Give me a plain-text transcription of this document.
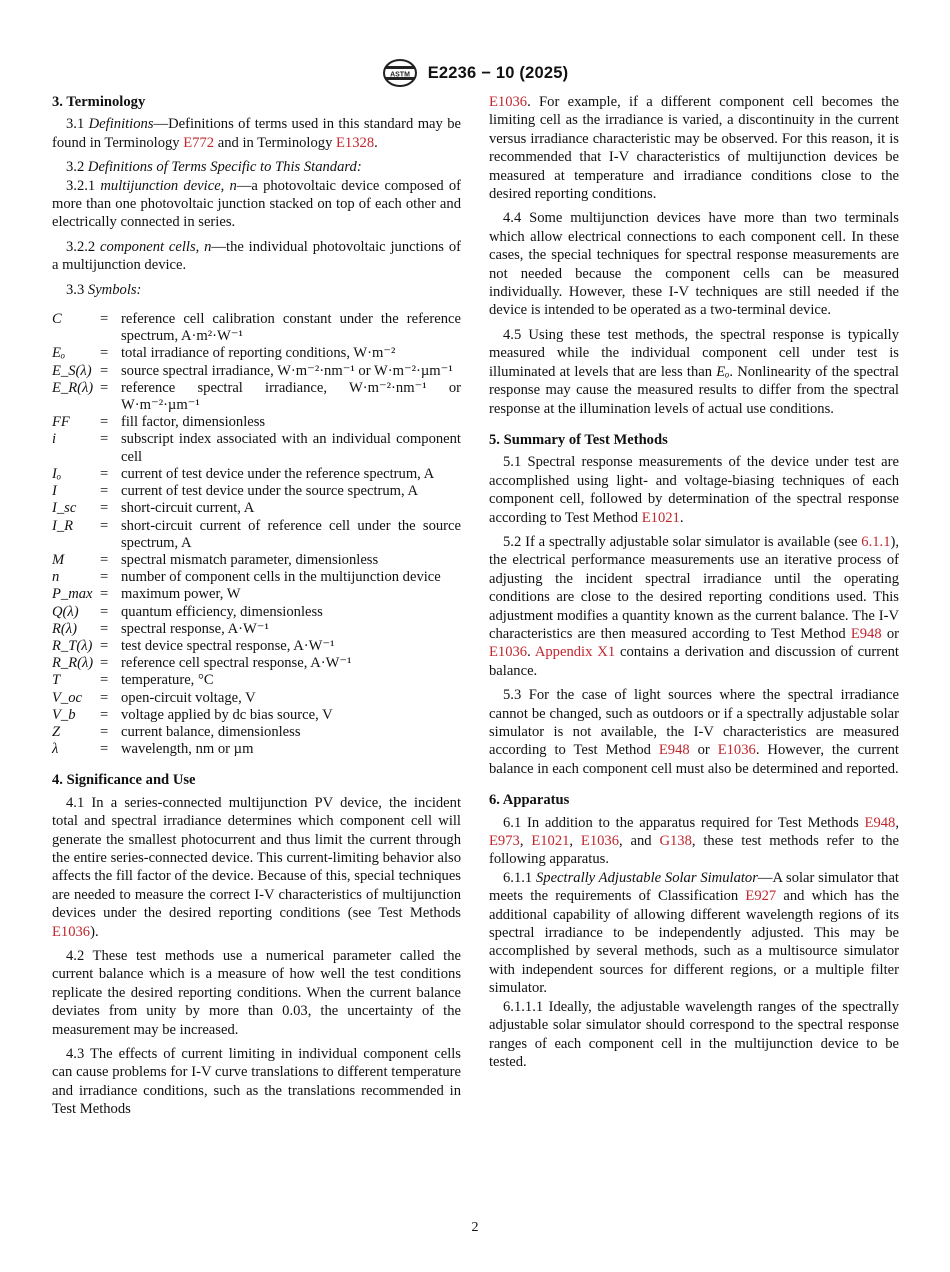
ASTM E2236 − 10 (2025)
3. Terminology

3.1 Definitions—Definitions of terms used in this standard may be found in Terminology E772 and in Terminology E1328.

3.2 Definitions of Terms Specific to This Standard:

3.2.1 multijunction device, n—a photovoltaic device composed of more than one photovoltaic junction stacked on top of each other and electrically connected in series.

3.2.2 component cells, n—the individual photovoltaic junctions of a multijunction device.

3.3 Symbols:

C	=	reference cell calibration constant under the reference spectrum, A·m²·W⁻¹
Eₒ	=	total irradiance of reporting conditions, W·m⁻²
E_S(λ)	=	source spectral irradiance, W·m⁻²·nm⁻¹ or W·m⁻²·µm⁻¹
E_R(λ)	=	reference spectral irradiance, W·m⁻²·nm⁻¹ or W·m⁻²·µm⁻¹
FF	=	fill factor, dimensionless
i	=	subscript index associated with an individual component cell
Iₒ	=	current of test device under the reference spectrum, A
I	=	current of test device under the source spectrum, A
I_sc	=	short-circuit current, A
I_R	=	short-circuit current of reference cell under the source spectrum, A
M	=	spectral mismatch parameter, dimensionless
n	=	number of component cells in the multijunction device
P_max	=	maximum power, W
Q(λ)	=	quantum efficiency, dimensionless
R(λ)	=	spectral response, A·W⁻¹
R_T(λ)	=	test device spectral response, A·W⁻¹
R_R(λ)	=	reference cell spectral response, A·W⁻¹
T	=	temperature, °C
V_oc	=	open-circuit voltage, V
V_b	=	voltage applied by dc bias source, V
Z	=	current balance, dimensionless
λ	=	wavelength, nm or µm
4. Significance and Use

4.1 In a series-connected multijunction PV device, the incident total and spectral irradiance determines which component cell will generate the smallest photocurrent and thus limit the current through the entire series-connected device. This current-limiting behavior also affects the fill factor of the device. Because of this, special techniques are needed to measure the correct I-V characteristics of multijunction devices under the desired reporting conditions (see Test Methods E1036).

4.2 These test methods use a numerical parameter called the current balance which is a measure of how well the test conditions replicate the desired reporting conditions. When the current balance deviates from unity by more than 0.03, the uncertainty of the measurement may be increased.

4.3 The effects of current limiting in individual component cells can cause problems for I-V curve translations to different temperature and irradiance conditions, such as the translations recommended in Test Methods

E1036. For example, if a different component cell becomes the limiting cell as the irradiance is varied, a discontinuity in the current versus irradiance characteristic may be observed. For this reason, it is recommended that I-V characteristics of multijunction devices be measured at temperature and irradiance conditions close to the desired reporting conditions.

4.4 Some multijunction devices have more than two terminals which allow electrical connections to each component cell. In these cases, the special techniques for spectral response measurements are not needed because the component cells can be measured individually. However, these I-V techniques are still needed if the device is intended to be operated as a two-terminal device.

4.5 Using these test methods, the spectral response is typically measured while the individual component cell under test is illuminated at levels that are less than Eₒ. Nonlinearity of the spectral response may cause the measured results to differ from the spectral response at the illumination levels of actual use conditions.

5. Summary of Test Methods

5.1 Spectral response measurements of the device under test are accomplished using light- and voltage-biasing techniques of each component cell, followed by determination of the spectral response according to Test Method E1021.

5.2 If a spectrally adjustable solar simulator is available (see 6.1.1), the electrical performance measurements use an iterative process of adjusting the incident spectral irradiance until the operating conditions are close to the desired reporting conditions used. This adjustment modifies a quantity known as the current balance. The I-V characteristics are then measured according to Test Method E948 or E1036. Appendix X1 contains a derivation and discussion of current balance.

5.3 For the case of light sources where the spectral irradiance cannot be changed, such as outdoors or if a spectrally adjustable solar simulator is not available, the I-V characteristics are measured according to Test Method E948 or E1036. However, the current balance in each component cell must also be determined and reported.

6. Apparatus

6.1 In addition to the apparatus required for Test Methods E948, E973, E1021, E1036, and G138, these test methods refer to the following apparatus.

6.1.1 Spectrally Adjustable Solar Simulator—A solar simulator that meets the requirements of Classification E927 and which has the additional capability of allowing different wavelength regions of its spectral irradiance to be independently adjusted. This may be accomplished by several methods, such as a multisource simulator with independent sources for different regions, or a multiple filter simulator.

6.1.1.1 Ideally, the adjustable wavelength ranges of the spectrally adjustable solar simulator should correspond to the spectral response ranges of each component cell in the multijunction device to be tested.

2
